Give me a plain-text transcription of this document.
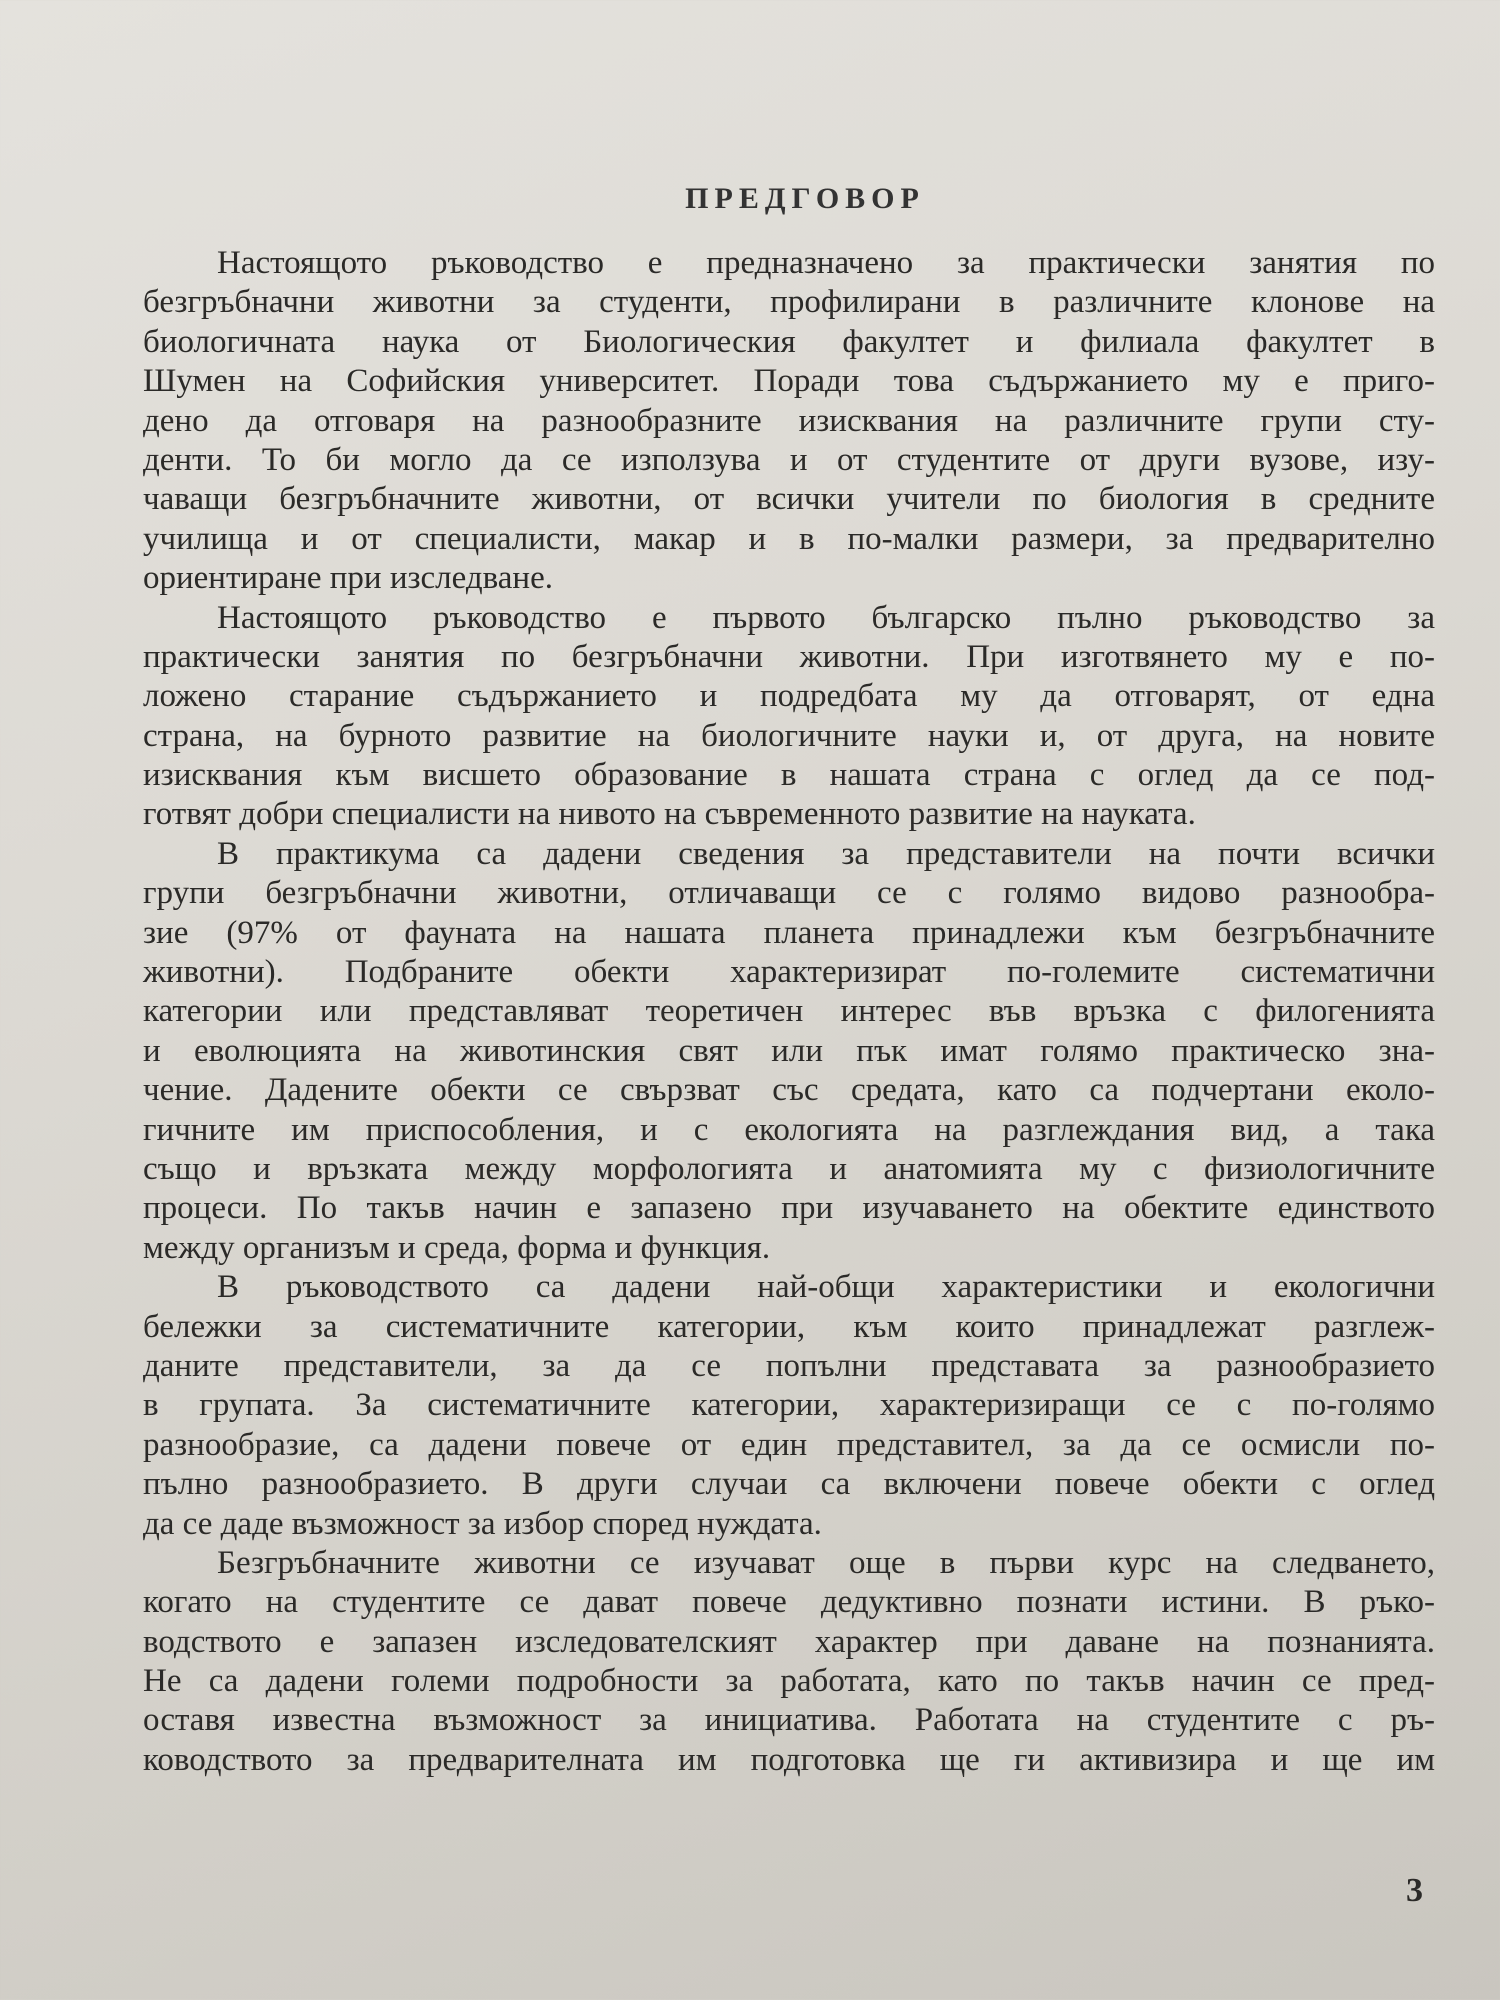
ПРЕДГОВОР
Настоящото ръководство е предназначено за практически занятия по
безгръбначни животни за студенти, профилирани в различните клонове на
биологичната наука от Биологическия факултет и филиала факултет в
Шумен на Софийския университет. Поради това съдържанието му е приго-
дено да отговаря на разнообразните изисквания на различните групи сту-
денти. То би могло да се използува и от студентите от други вузове, изу-
чаващи безгръбначните животни, от всички учители по биология в средните
училища и от специалисти, макар и в по-малки размери, за предварително
ориентиране при изследване.
Настоящото ръководство е първото българско пълно ръководство за
практически занятия по безгръбначни животни. При изготвянето му е по-
ложено старание съдържанието и подредбата му да отговарят, от една
страна, на бурното развитие на биологичните науки и, от друга, на новите
изисквания към висшето образование в нашата страна с оглед да се под-
готвят добри специалисти на нивото на съвременното развитие на науката.
В практикума са дадени сведения за представители на почти всички
групи безгръбначни животни, отличаващи се с голямо видово разнообра-
зие (97% от фауната на нашата планета принадлежи към безгръбначните
животни). Подбраните обекти характеризират по-големите систематични
категории или представляват теоретичен интерес във връзка с филогенията
и еволюцията на животинския свят или пък имат голямо практическо зна-
чение. Дадените обекти се свързват със средата, като са подчертани еколо-
гичните им приспособления, и с екологията на разглеждания вид, а така
също и връзката между морфологията и анатомията му с физиологичните
процеси. По такъв начин е запазено при изучаването на обектите единството
между организъм и среда, форма и функция.
В ръководството са дадени най-общи характеристики и екологични
бележки за систематичните категории, към които принадлежат разглеж-
даните представители, за да се попълни представата за разнообразието
в групата. За систематичните категории, характеризиращи се с по-голямо
разнообразие, са дадени повече от един представител, за да се осмисли по-
пълно разнообразието. В други случаи са включени повече обекти с оглед
да се даде възможност за избор според нуждата.
Безгръбначните животни се изучават още в първи курс на следването,
когато на студентите се дават повече дедуктивно познати истини. В ръко-
водството е запазен изследователският характер при даване на познанията.
Не са дадени големи подробности за работата, като по такъв начин се пред-
оставя известна възможност за инициатива. Работата на студентите с ръ-
ководството за предварителната им подготовка ще ги активизира и ще им
3
